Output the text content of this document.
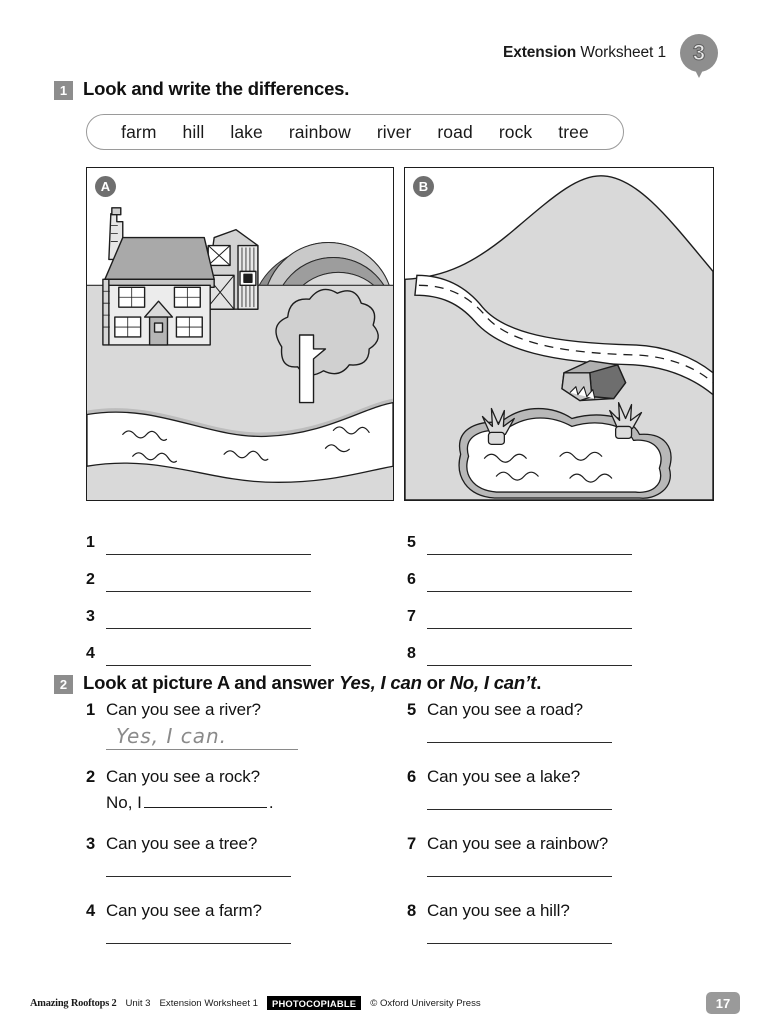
Extension Worksheet 1 3
1 Look and write the differences.
farm hill lake rainbow river road rock tree
A	B
1
2
3
4
5
6
7
8
2 Look at picture A and answer Yes, I can or No, I can’t.
1 Can you see a river?
Yes, I can.
2 Can you see a rock?
No, I	.
3 Can you see a tree?
4 Can you see a farm?
5 Can you see a road?
6 Can you see a lake?
7 Can you see a rainbow?
8 Can you see a hill?
Amazing Rooftops 2 Unit 3 Extension Worksheet 1	PHOTOCOPIABLE	© Oxford University Press	17
